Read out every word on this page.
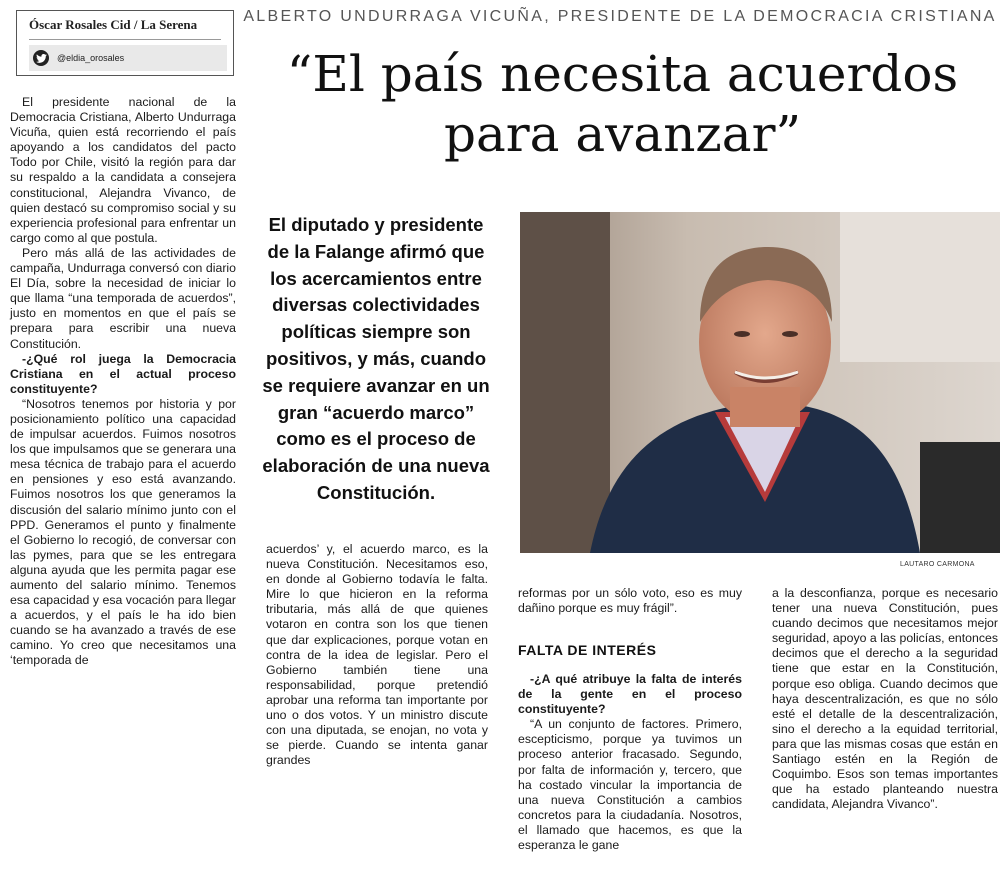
Óscar Rosales Cid / La Serena
@eldia_orosales
ALBERTO UNDURRAGA VICUÑA, PRESIDENTE DE LA DEMOCRACIA CRISTIANA
“El país necesita acuerdos
para avanzar”

El presidente nacional de la Democracia Cristiana, Alberto Undurraga Vicuña, quien está recorriendo el país apoyando a los candidatos del pacto Todo por Chile, visitó la región para dar su respaldo a la candidata a consejera constitucional, Alejandra Vivanco, de quien destacó su compromiso social y su experiencia profesional para enfrentar un cargo como al que postula.

Pero más allá de las actividades de campaña, Undurraga conversó con diario El Día, sobre la necesidad de iniciar lo que llama “una temporada de acuerdos”, justo en momentos en que el país se prepara para escribir una nueva Constitución.

-¿Qué rol juega la Democracia Cristiana en el actual proceso constituyente?

“Nosotros tenemos por historia y por posicionamiento político una capacidad de impulsar acuerdos. Fuimos nosotros los que impulsamos que se generara una mesa técnica de trabajo para el acuerdo en pensiones y eso está avanzando. Fuimos nosotros los que generamos la discusión del salario mínimo junto con el PPD. Generamos el punto y finalmente el Gobierno lo recogió, de conversar con las pymes, para que se les entregara alguna ayuda que les permita pagar ese aumento del salario mínimo. Tenemos esa capacidad y esa vocación para llegar a acuerdos, y el país le ha ido bien cuando se ha avanzado a través de ese camino. Yo creo que necesitamos una ‘temporada de

El diputado y presidente de la Falange afirmó que los acercamientos entre diversas colectividades políticas siempre son positivos, y más, cuando se requiere avanzar en un gran “acuerdo marco” como es el proceso de elaboración de una nueva Constitución.
LAUTARO CARMONA

acuerdos’ y, el acuerdo marco, es la nueva Constitución. Necesitamos eso, en donde al Gobierno todavía le falta. Mire lo que hicieron en la reforma tributaria, más allá de que quienes votaron en contra son los que tienen que dar explicaciones, porque votan en contra de la idea de legislar. Pero el Gobierno también tiene una responsabilidad, porque pretendió aprobar una reforma tan importante por uno o dos votos. Y un ministro discute con una diputada, se enojan, no vota y se pierde. Cuando se intenta ganar grandes

reformas por un sólo voto, eso es muy dañino porque es muy frágil”.

FALTA DE INTERÉS

-¿A qué atribuye la falta de interés de la gente en el proceso constituyente?

“A un conjunto de factores. Primero, escepticismo, porque ya tuvimos un proceso anterior fracasado. Segundo, por falta de información y, tercero, que ha costado vincular la importancia de una nueva Constitución a cambios concretos para la ciudadanía. Nosotros, el llamado que hacemos, es que la esperanza le gane

a la desconfianza, porque es necesario tener una nueva Constitución, pues cuando decimos que necesitamos mejor seguridad, apoyo a las policías, entonces decimos que el derecho a la seguridad tiene que estar en la Constitución, porque eso obliga. Cuando decimos que haya descentralización, es que no sólo esté el detalle de la descentralización, sino el derecho a la equidad territorial, para que las mismas cosas que están en Santiago estén en la Región de Coquimbo. Esos son temas importantes que ha estado planteando nuestra candidata, Alejandra Vivanco”.
